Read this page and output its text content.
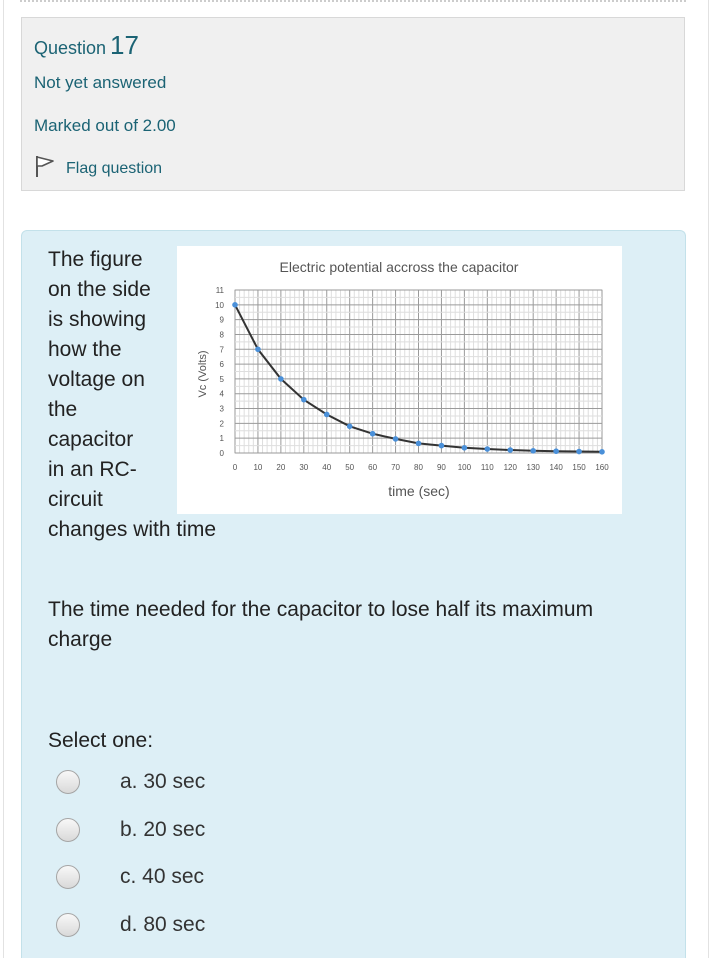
Question 17
Not yet answered
Marked out of 2.00
Flag question
The figure
on the side
is showing
how the
voltage on
the
capacitor
in an RC-
circuit
changes with time
Electric potential accross the capacitor
0
1
2
3
4
5
6
7
8
9
10
11
0 10 20 30 40 50 60 70 80 90 100 110 120 130 140 150 160
Vc (Volts)
time (sec)
The time needed for the capacitor to lose half its maximum charge
Select one:
a. 30 sec
b. 20 sec
c. 40 sec
d. 80 sec
